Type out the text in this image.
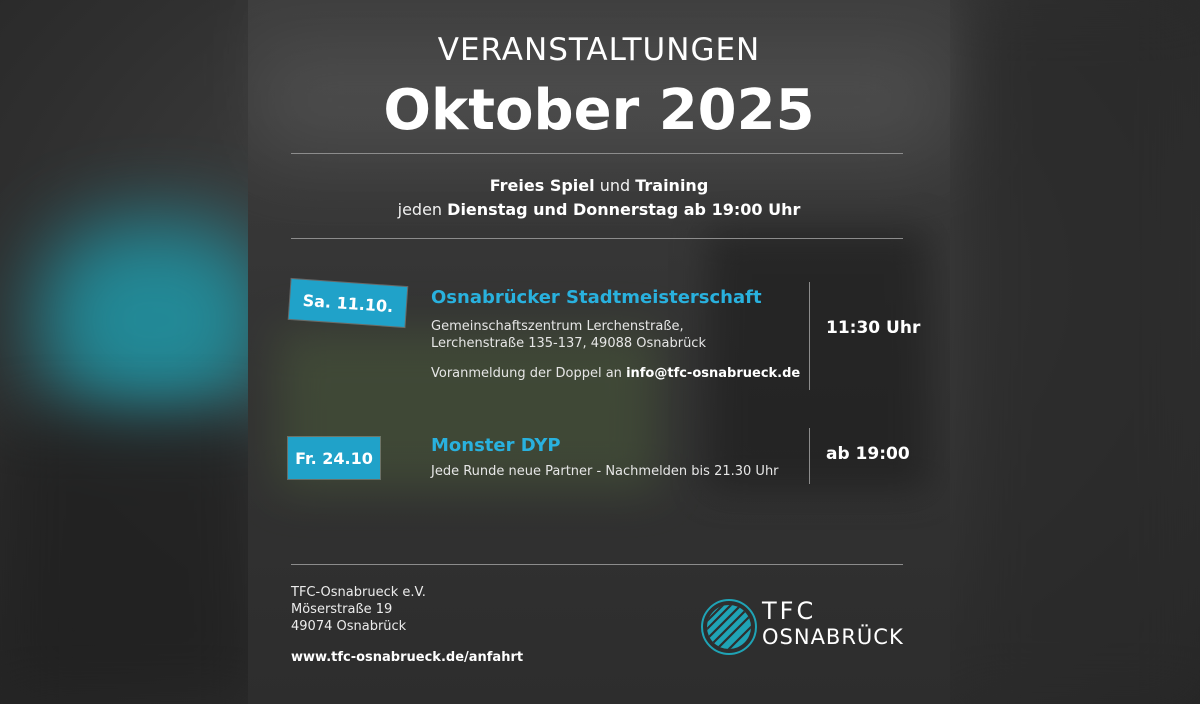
VERANSTALTUNGEN
Oktober 2025
Freies Spiel und Training
jeden Dienstag und Donnerstag ab 19:00 Uhr
Sa. 11.10.	Osnabrücker Stadtmeisterschaft
Gemeinschaftszentrum Lerchenstraße,
Lerchenstraße 135-137, 49088 Osnabrück
Voranmeldung der Doppel an info@tfc-osnabrueck.de
11:30 Uhr
Fr. 24.10
Monster DYP
Jede Runde neue Partner - Nachmelden bis 21.30 Uhr
ab 19:00
TFC-Osnabrueck e.V.
Möserstraße 19
49074 Osnabrück
www.tfc-osnabrueck.de/anfahrt
TFC
OSNABRÜCK
